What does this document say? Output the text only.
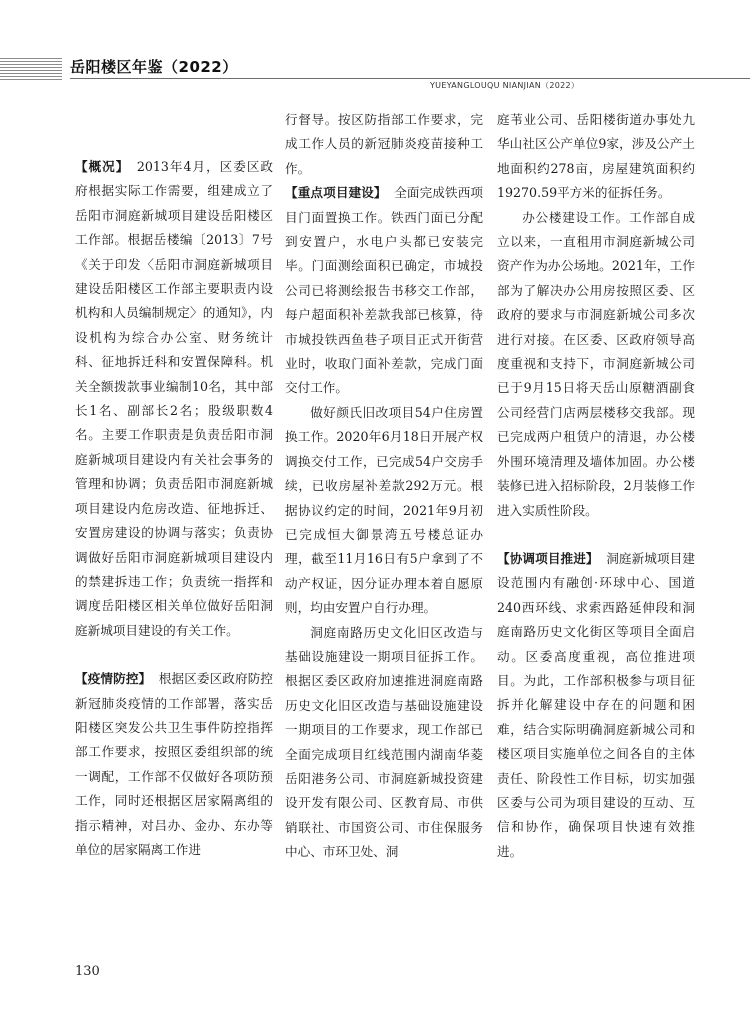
岳阳楼区年鉴（2022）
YUEYANGLOUQU NIANJIAN（2022）

【概况】 2013年4月，区委区政府根据实际工作需要，组建成立了岳阳市洞庭新城项目建设岳阳楼区工作部。根据岳楼编〔2013〕7号《关于印发〈岳阳市洞庭新城项目建设岳阳楼区工作部主要职责内设机构和人员编制规定〉的通知》，内设机构为综合办公室、财务统计科、征地拆迁科和安置保障科。机关全额拨款事业编制10名，其中部长1名、副部长2名；股级职数4名。主要工作职责是负责岳阳市洞庭新城项目建设内有关社会事务的管理和协调；负责岳阳市洞庭新城项目建设内危房改造、征地拆迁、安置房建设的协调与落实；负责协调做好岳阳市洞庭新城项目建设内的禁建拆违工作；负责统一指挥和调度岳阳楼区相关单位做好岳阳洞庭新城项目建设的有关工作。

【疫情防控】 根据区委区政府防控新冠肺炎疫情的工作部署，落实岳阳楼区突发公共卫生事件防控指挥部工作要求，按照区委组织部的统一调配，工作部不仅做好各项防预工作，同时还根据区居家隔离组的指示精神，对吕办、金办、东办等单位的居家隔离工作进

行督导。按区防指部工作要求，完成工作人员的新冠肺炎疫苗接种工作。

【重点项目建设】 全面完成铁西项目门面置换工作。铁西门面已分配到安置户，水电户头都已安装完毕。门面测绘面积已确定，市城投公司已将测绘报告书移交工作部，每户超面积补差款我部已核算，待市城投铁西鱼巷子项目正式开街营业时，收取门面补差款，完成门面交付工作。

做好颜氏旧改项目54户住房置换工作。2020年6月18日开展产权调换交付工作，已完成54户交房手续，已收房屋补差款292万元。根据协议约定的时间，2021年9月初已完成恒大御景湾五号楼总证办理，截至11月16日有5户拿到了不动产权证，因分证办理本着自愿原则，均由安置户自行办理。

洞庭南路历史文化旧区改造与基础设施建设一期项目征拆工作。根据区委区政府加速推进洞庭南路历史文化旧区改造与基础设施建设一期项目的工作要求，现工作部已全面完成项目红线范围内湖南华菱岳阳港务公司、市洞庭新城投资建设开发有限公司、区教育局、市供销联社、市国资公司、市住保服务中心、市环卫处、洞

庭苇业公司、岳阳楼街道办事处九华山社区公产单位9家，涉及公产土地面积约278亩，房屋建筑面积约19270.59平方米的征拆任务。

办公楼建设工作。工作部自成立以来，一直租用市洞庭新城公司资产作为办公场地。2021年，工作部为了解决办公用房按照区委、区政府的要求与市洞庭新城公司多次进行对接。在区委、区政府领导高度重视和支持下，市洞庭新城公司已于9月15日将天岳山原糖酒副食公司经营门店两层楼移交我部。现已完成两户租赁户的清退，办公楼外围环境清理及墙体加固。办公楼装修已进入招标阶段，2月装修工作进入实质性阶段。

【协调项目推进】 洞庭新城项目建设范围内有融创·环球中心、国道240西环线、求索西路延伸段和洞庭南路历史文化街区等项目全面启动。区委高度重视，高位推进项目。为此，工作部积极参与项目征拆并化解建设中存在的问题和困难，结合实际明确洞庭新城公司和楼区项目实施单位之间各自的主体责任、阶段性工作目标，切实加强区委与公司为项目建设的互动、互信和协作，确保项目快速有效推进。

130
